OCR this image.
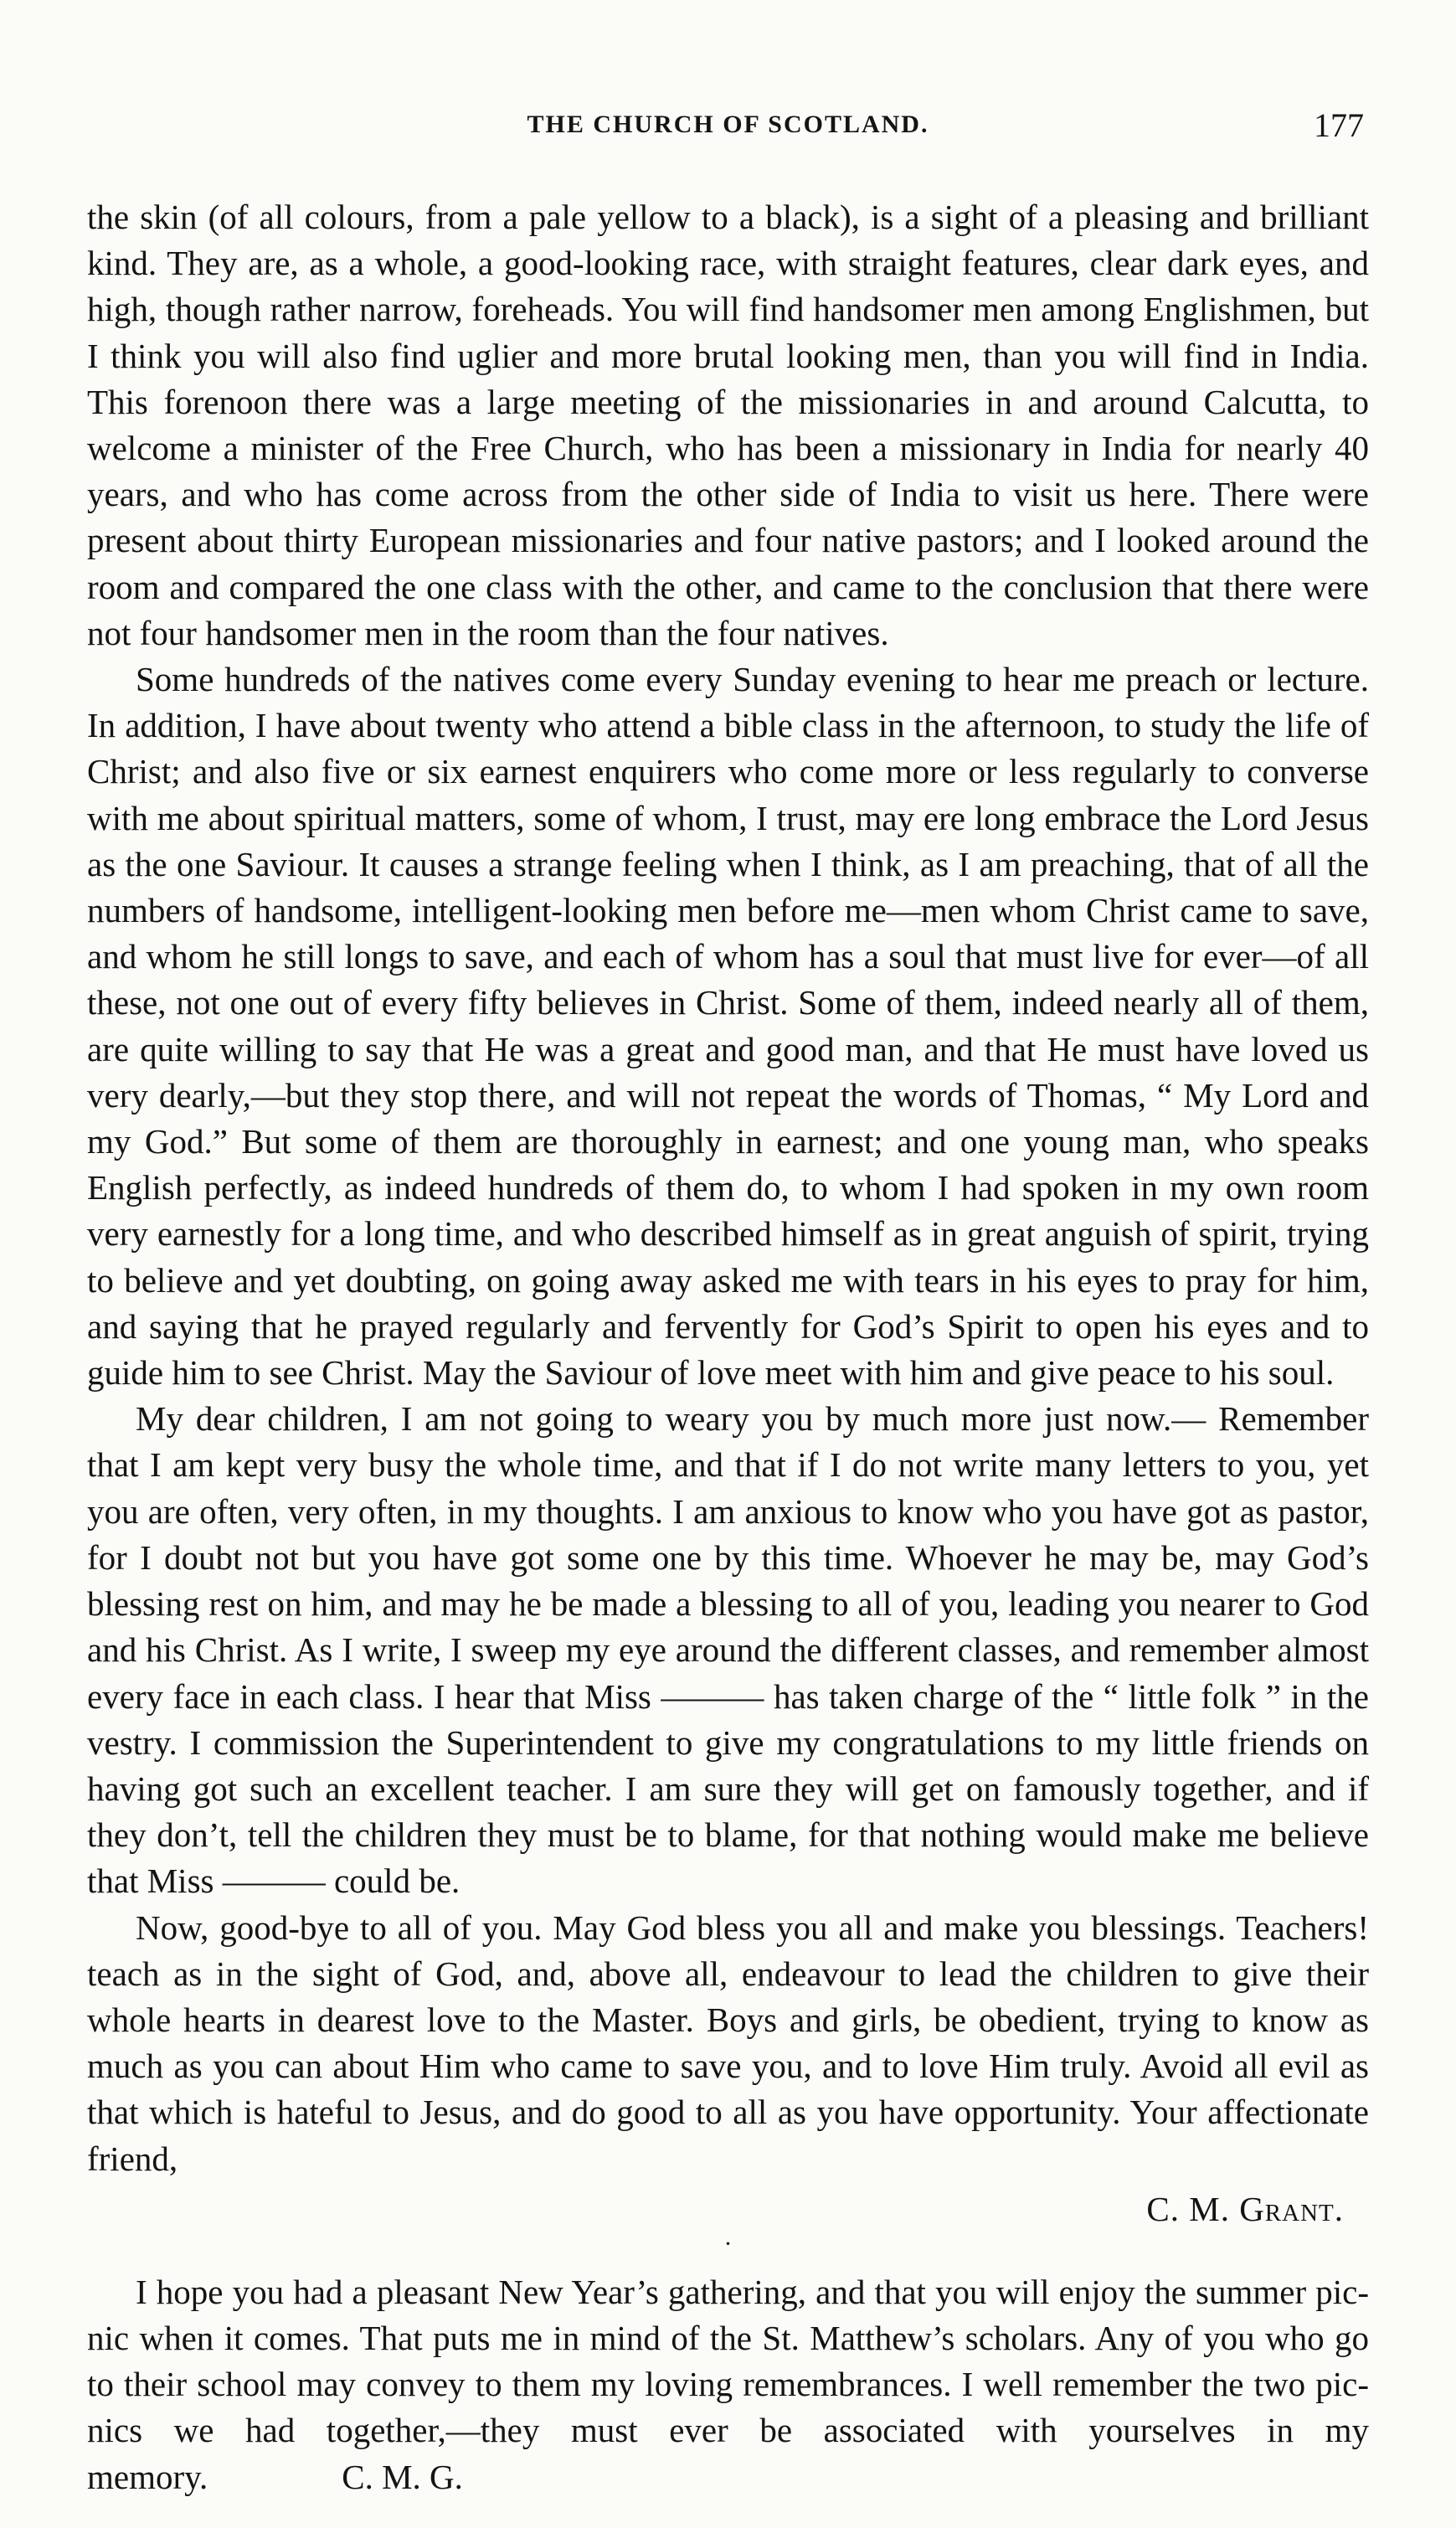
THE CHURCH OF SCOTLAND.	177

the skin (of all colours, from a pale yellow to a black), is a sight of a pleasing and brilliant kind. They are, as a whole, a good-looking race, with straight features, clear dark eyes, and high, though rather narrow, foreheads. You will find handsomer men among Englishmen, but I think you will also find uglier and more brutal looking men, than you will find in India. This forenoon there was a large meeting of the missionaries in and around Calcutta, to welcome a minister of the Free Church, who has been a missionary in India for nearly 40 years, and who has come across from the other side of India to visit us here. There were present about thirty European missionaries and four native pastors; and I looked around the room and compared the one class with the other, and came to the conclusion that there were not four handsomer men in the room than the four natives.

Some hundreds of the natives come every Sunday evening to hear me preach or lecture. In addition, I have about twenty who attend a bible class in the afternoon, to study the life of Christ; and also five or six earnest enquirers who come more or less regularly to converse with me about spiritual matters, some of whom, I trust, may ere long embrace the Lord Jesus as the one Saviour. It causes a strange feeling when I think, as I am preaching, that of all the numbers of handsome, intelligent-looking men before me—men whom Christ came to save, and whom he still longs to save, and each of whom has a soul that must live for ever—of all these, not one out of every fifty believes in Christ. Some of them, indeed nearly all of them, are quite willing to say that He was a great and good man, and that He must have loved us very dearly,—but they stop there, and will not repeat the words of Thomas, “ My Lord and my God.” But some of them are thoroughly in earnest; and one young man, who speaks English perfectly, as indeed hundreds of them do, to whom I had spoken in my own room very earnestly for a long time, and who described himself as in great anguish of spirit, trying to believe and yet doubting, on going away asked me with tears in his eyes to pray for him, and saying that he prayed regularly and fervently for God’s Spirit to open his eyes and to guide him to see Christ. May the Saviour of love meet with him and give peace to his soul.

My dear children, I am not going to weary you by much more just now.— Remember that I am kept very busy the whole time, and that if I do not write many letters to you, yet you are often, very often, in my thoughts. I am anxious to know who you have got as pastor, for I doubt not but you have got some one by this time. Whoever he may be, may God’s blessing rest on him, and may he be made a blessing to all of you, leading you nearer to God and his Christ. As I write, I sweep my eye around the different classes, and remember almost every face in each class. I hear that Miss ——— has taken charge of the “ little folk ” in the vestry. I commission the Superintendent to give my congratulations to my little friends on having got such an excellent teacher. I am sure they will get on famously together, and if they don’t, tell the children they must be to blame, for that nothing would make me believe that Miss ——— could be.

Now, good-bye to all of you. May God bless you all and make you blessings. Teachers! teach as in the sight of God, and, above all, endeavour to lead the children to give their whole hearts in dearest love to the Master. Boys and girls, be obedient, trying to know as much as you can about Him who came to save you, and to love Him truly. Avoid all evil as that which is hateful to Jesus, and do good to all as you have opportunity. Your affectionate friend,

C. M. Grant.
·

I hope you had a pleasant New Year’s gathering, and that you will enjoy the summer pic-nic when it comes. That puts me in mind of the St. Matthew’s scholars. Any of you who go to their school may convey to them my loving remembrances. I well remember the two pic-nics we had together,—they must ever be associated with yourselves in my memory.	C. M. G.
